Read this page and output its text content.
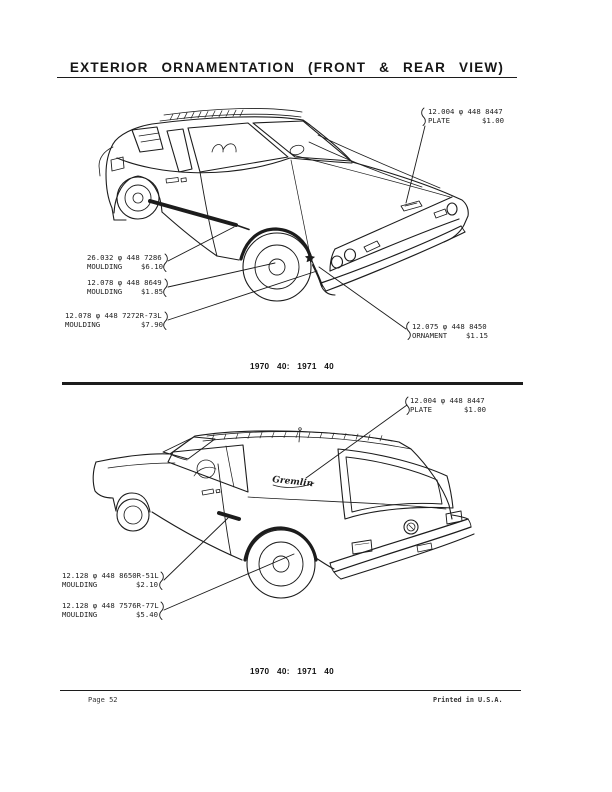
EXTERIOR ORNAMENTATION (FRONT & REAR VIEW)
Gremlin
12.004 φ 448 8447
PLATE	$1.00
26.032 φ 448 7286
MOULDING	$6.10
12.078 φ 448 8649
MOULDING	$1.85
12.078 φ 448 7272R-73L
MOULDING	$7.90	12.075 φ 448 8450
ORNAMENT	$1.15
1970 40: 1971 40
12.004 φ 448 8447
PLATE	$1.00
12.128 φ 448 8650R-51L
MOULDING	$2.10
12.128 φ 448 7576R-77L
MOULDING	$5.40
1970 40: 1971 40
Page 52	Printed in U.S.A.
